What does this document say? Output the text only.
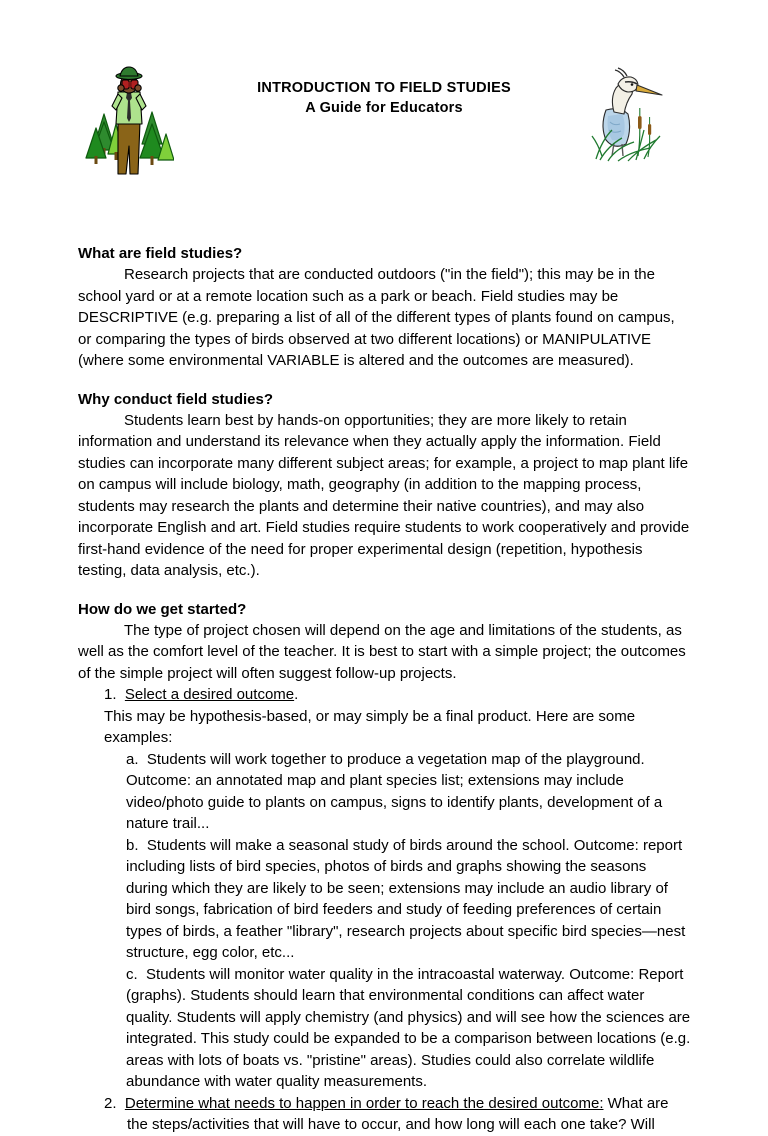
INTRODUCTION TO FIELD STUDIES
A Guide for Educators
What are field studies?

Research projects that are conducted outdoors ("in the field"); this may be in the school yard or at a remote location such as a park or beach. Field studies may be DESCRIPTIVE (e.g. preparing a list of all of the different types of plants found on campus, or comparing the types of birds observed at two different locations) or MANIPULATIVE (where some environmental VARIABLE is altered and the outcomes are measured).

Why conduct field studies?

Students learn best by hands-on opportunities; they are more likely to retain information and understand its relevance when they actually apply the information. Field studies can incorporate many different subject areas; for example, a project to map plant life on campus will include biology, math, geography (in addition to the mapping process, students may research the plants and determine their native countries), and may also incorporate English and art. Field studies require students to work cooperatively and provide first-hand evidence of the need for proper experimental design (repetition, hypothesis testing, data analysis, etc.).

How do we get started?

The type of project chosen will depend on the age and limitations of the students, as well as the comfort level of the teacher. It is best to start with a simple project; the outcomes of the simple project will often suggest follow-up projects.

1. Select a desired outcome.

This may be hypothesis-based, or may simply be a final product. Here are some examples:

a. Students will work together to produce a vegetation map of the playground. Outcome: an annotated map and plant species list; extensions may include video/photo guide to plants on campus, signs to identify plants, development of a nature trail...

b. Students will make a seasonal study of birds around the school. Outcome: report including lists of bird species, photos of birds and graphs showing the seasons during which they are likely to be seen; extensions may include an audio library of bird songs, fabrication of bird feeders and study of feeding preferences of certain types of birds, a feather "library", research projects about specific bird species—nest structure, egg color, etc...

c. Students will monitor water quality in the intracoastal waterway. Outcome: Report (graphs). Students should learn that environmental conditions can affect water quality. Students will apply chemistry (and physics) and will see how the sciences are integrated. This study could be expanded to be a comparison between locations (e.g. areas with lots of boats vs. "pristine" areas). Studies could also correlate wildlife abundance with water quality measurements.

2. Determine what needs to happen in order to reach the desired outcome: What are the steps/activities that will have to occur, and how long will each one take? Will
